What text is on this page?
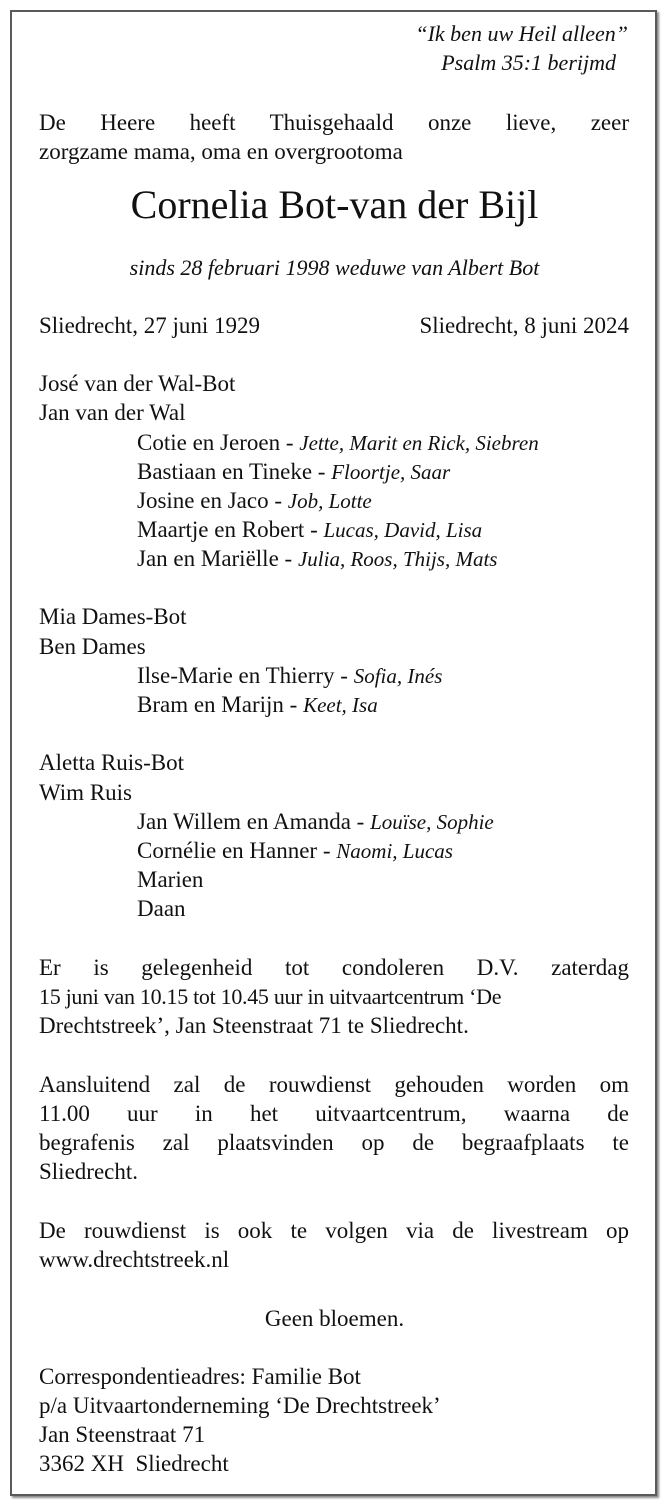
“Ik ben uw Heil alleen”
Psalm 35:1 berijmd
De Heere heeft Thuisgehaald onze lieve, zeer
zorgzame mama, oma en overgrootoma
Cornelia Bot-van der Bijl
sinds 28 februari 1998 weduwe van Albert Bot
Sliedrecht, 27 juni 1929	Sliedrecht, 8 juni 2024
José van der Wal-Bot
Jan van der Wal
Cotie en Jeroen - Jette, Marit en Rick, Siebren
Bastiaan en Tineke - Floortje, Saar
Josine en Jaco - Job, Lotte
Maartje en Robert - Lucas, David, Lisa
Jan en Mariëlle - Julia, Roos, Thijs, Mats
Mia Dames-Bot
Ben Dames
Ilse-Marie en Thierry - Sofia, Inés
Bram en Marijn - Keet, Isa
Aletta Ruis-Bot
Wim Ruis
Jan Willem en Amanda - Louïse, Sophie
Cornélie en Hanner - Naomi, Lucas
Marien
Daan
Er is gelegenheid tot condoleren D.V. zaterdag
15 juni van 10.15 tot 10.45 uur in uitvaartcentrum ‘De
Drechtstreek’, Jan Steenstraat 71 te Sliedrecht.
Aansluitend zal de rouwdienst gehouden worden om
11.00 uur in het uitvaartcentrum, waarna de
begrafenis zal plaatsvinden op de begraafplaats te
Sliedrecht.
De rouwdienst is ook te volgen via de livestream op
www.drechtstreek.nl
Geen bloemen.
Correspondentieadres: Familie Bot
p/a Uitvaartonderneming ‘De Drechtstreek’
Jan Steenstraat 71
3362 XH  Sliedrecht
